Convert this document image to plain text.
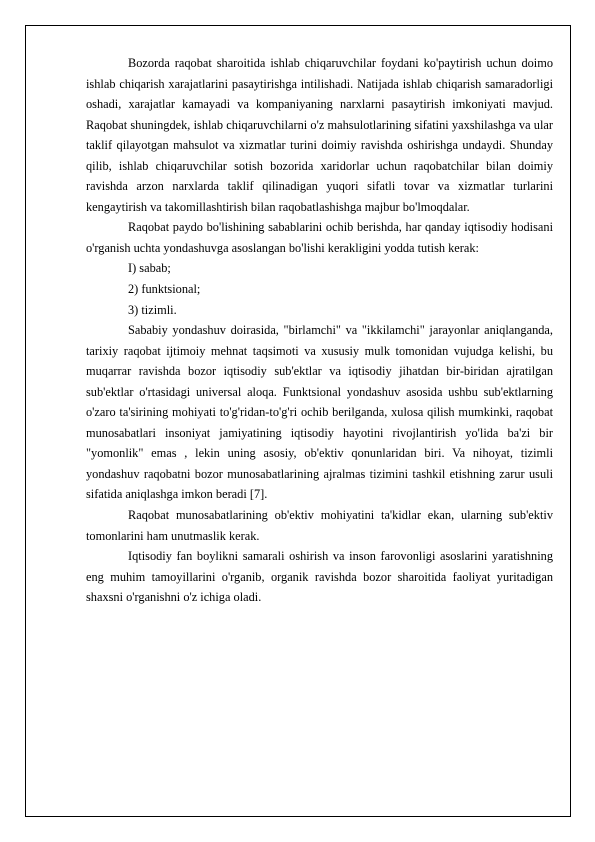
Bozorda raqobat sharoitida ishlab chiqaruvchilar foydani ko'paytirish uchun doimo ishlab chiqarish xarajatlarini pasaytirishga intilishadi. Natijada ishlab chiqarish samaradorligi oshadi, xarajatlar kamayadi va kompaniyaning narxlarni pasaytirish imkoniyati mavjud. Raqobat shuningdek, ishlab chiqaruvchilarni o'z mahsulotlarining sifatini yaxshilashga va ular taklif qilayotgan mahsulot va xizmatlar turini doimiy ravishda oshirishga undaydi. Shunday qilib, ishlab chiqaruvchilar sotish bozorida xaridorlar uchun raqobatchilar bilan doimiy ravishda arzon narxlarda taklif qilinadigan yuqori sifatli tovar va xizmatlar turlarini kengaytirish va takomillashtirish bilan raqobatlashishga majbur bo'lmoqdalar.

Raqobat paydo bo'lishining sabablarini ochib berishda, har qanday iqtisodiy hodisani o'rganish uchta yondashuvga asoslangan bo'lishi kerakligini yodda tutish kerak:

I) sabab;

2) funktsional;

3) tizimli.

Sababiy yondashuv doirasida, "birlamchi" va "ikkilamchi" jarayonlar aniqlanganda, tarixiy raqobat ijtimoiy mehnat taqsimoti va xususiy mulk tomonidan vujudga kelishi, bu muqarrar ravishda bozor iqtisodiy sub'ektlar va iqtisodiy jihatdan bir-biridan ajratilgan sub'ektlar o'rtasidagi universal aloqa. Funktsional yondashuv asosida ushbu sub'ektlarning o'zaro ta'sirining mohiyati to'g'ridan-to'g'ri ochib berilganda, xulosa qilish mumkinki, raqobat munosabatlari insoniyat jamiyatining iqtisodiy hayotini rivojlantirish yo'lida ba'zi bir "yomonlik" emas , lekin uning asosiy, ob'ektiv qonunlaridan biri. Va nihoyat, tizimli yondashuv raqobatni bozor munosabatlarining ajralmas tizimini tashkil etishning zarur usuli sifatida aniqlashga imkon beradi [7].

Raqobat munosabatlarining ob'ektiv mohiyatini ta'kidlar ekan, ularning sub'ektiv tomonlarini ham unutmaslik kerak.

Iqtisodiy fan boylikni samarali oshirish va inson farovonligi asoslarini yaratishning eng muhim tamoyillarini o'rganib, organik ravishda bozor sharoitida faoliyat yuritadigan shaxsni o'rganishni o'z ichiga oladi.
